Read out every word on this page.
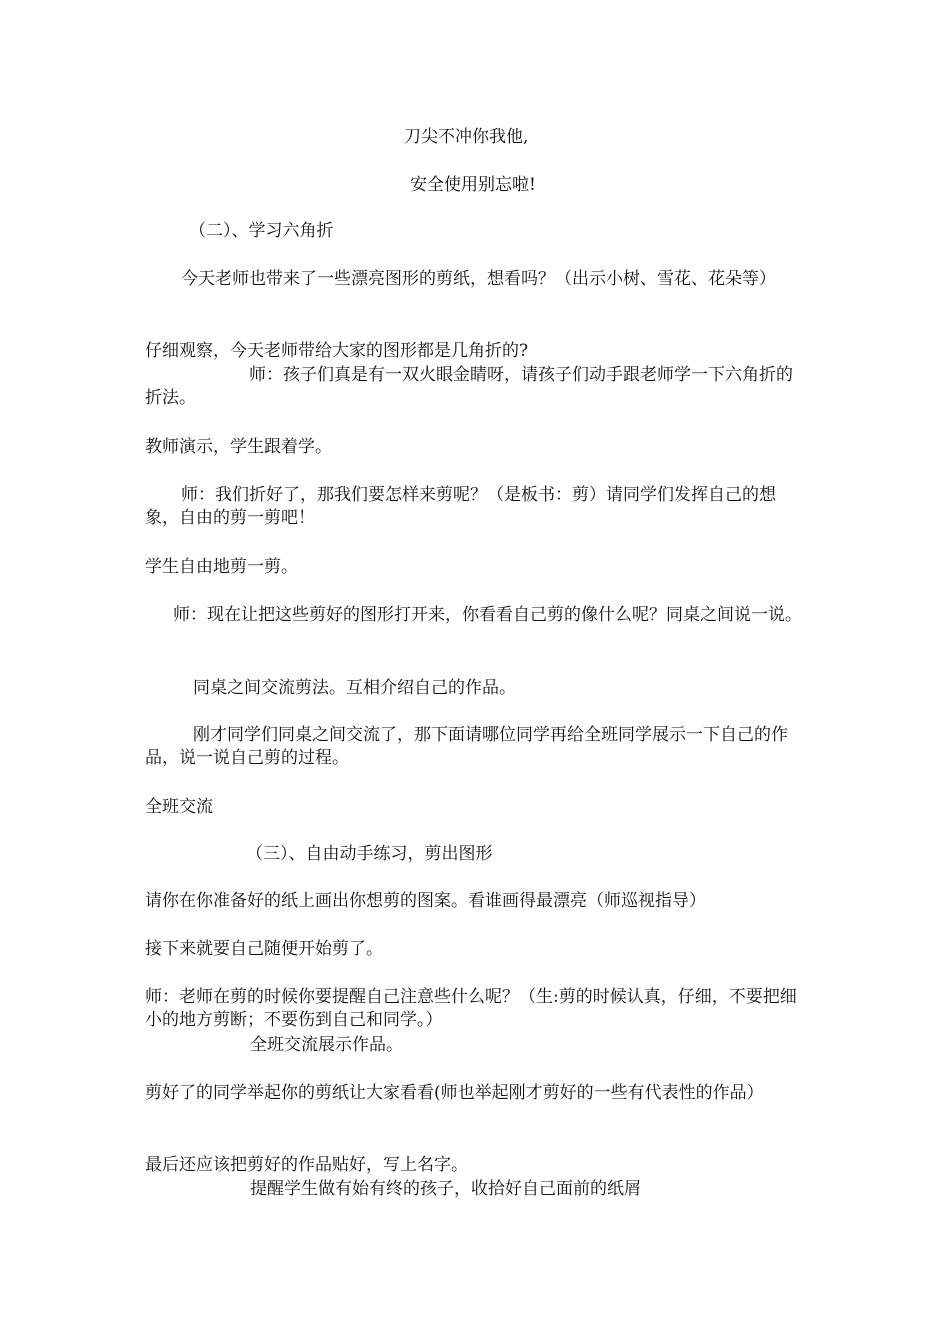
刀尖不冲你我他,

安全使用别忘啦!

（二）、学习六角折

今天老师也带来了一些漂亮图形的剪纸，想看吗？（出示小树、雪花、花朵等）

仔细观察，今天老师带给大家的图形都是几角折的?

师：孩子们真是有一双火眼金睛呀，请孩子们动手跟老师学一下六角折的折法。

教师演示，学生跟着学。

师：我们折好了，那我们要怎样来剪呢？（是板书：剪）请同学们发挥自己的想象，自由的剪一剪吧！

学生自由地剪一剪。

师：现在让把这些剪好的图形打开来，你看看自己剪的像什么呢？同桌之间说一说。

同桌之间交流剪法。互相介绍自己的作品。

刚才同学们同桌之间交流了，那下面请哪位同学再给全班同学展示一下自己的作品，说一说自己剪的过程。

全班交流

（三）、自由动手练习，剪出图形

请你在你准备好的纸上画出你想剪的图案。看谁画得最漂亮（师巡视指导）

接下来就要自己随便开始剪了。

师：老师在剪的时候你要提醒自己注意些什么呢？（生:剪的时候认真，仔细，不要把细小的地方剪断；不要伤到自己和同学。）

全班交流展示作品。

剪好了的同学举起你的剪纸让大家看看(师也举起刚才剪好的一些有代表性的作品）

最后还应该把剪好的作品贴好，写上名字。

提醒学生做有始有终的孩子，收拾好自己面前的纸屑
